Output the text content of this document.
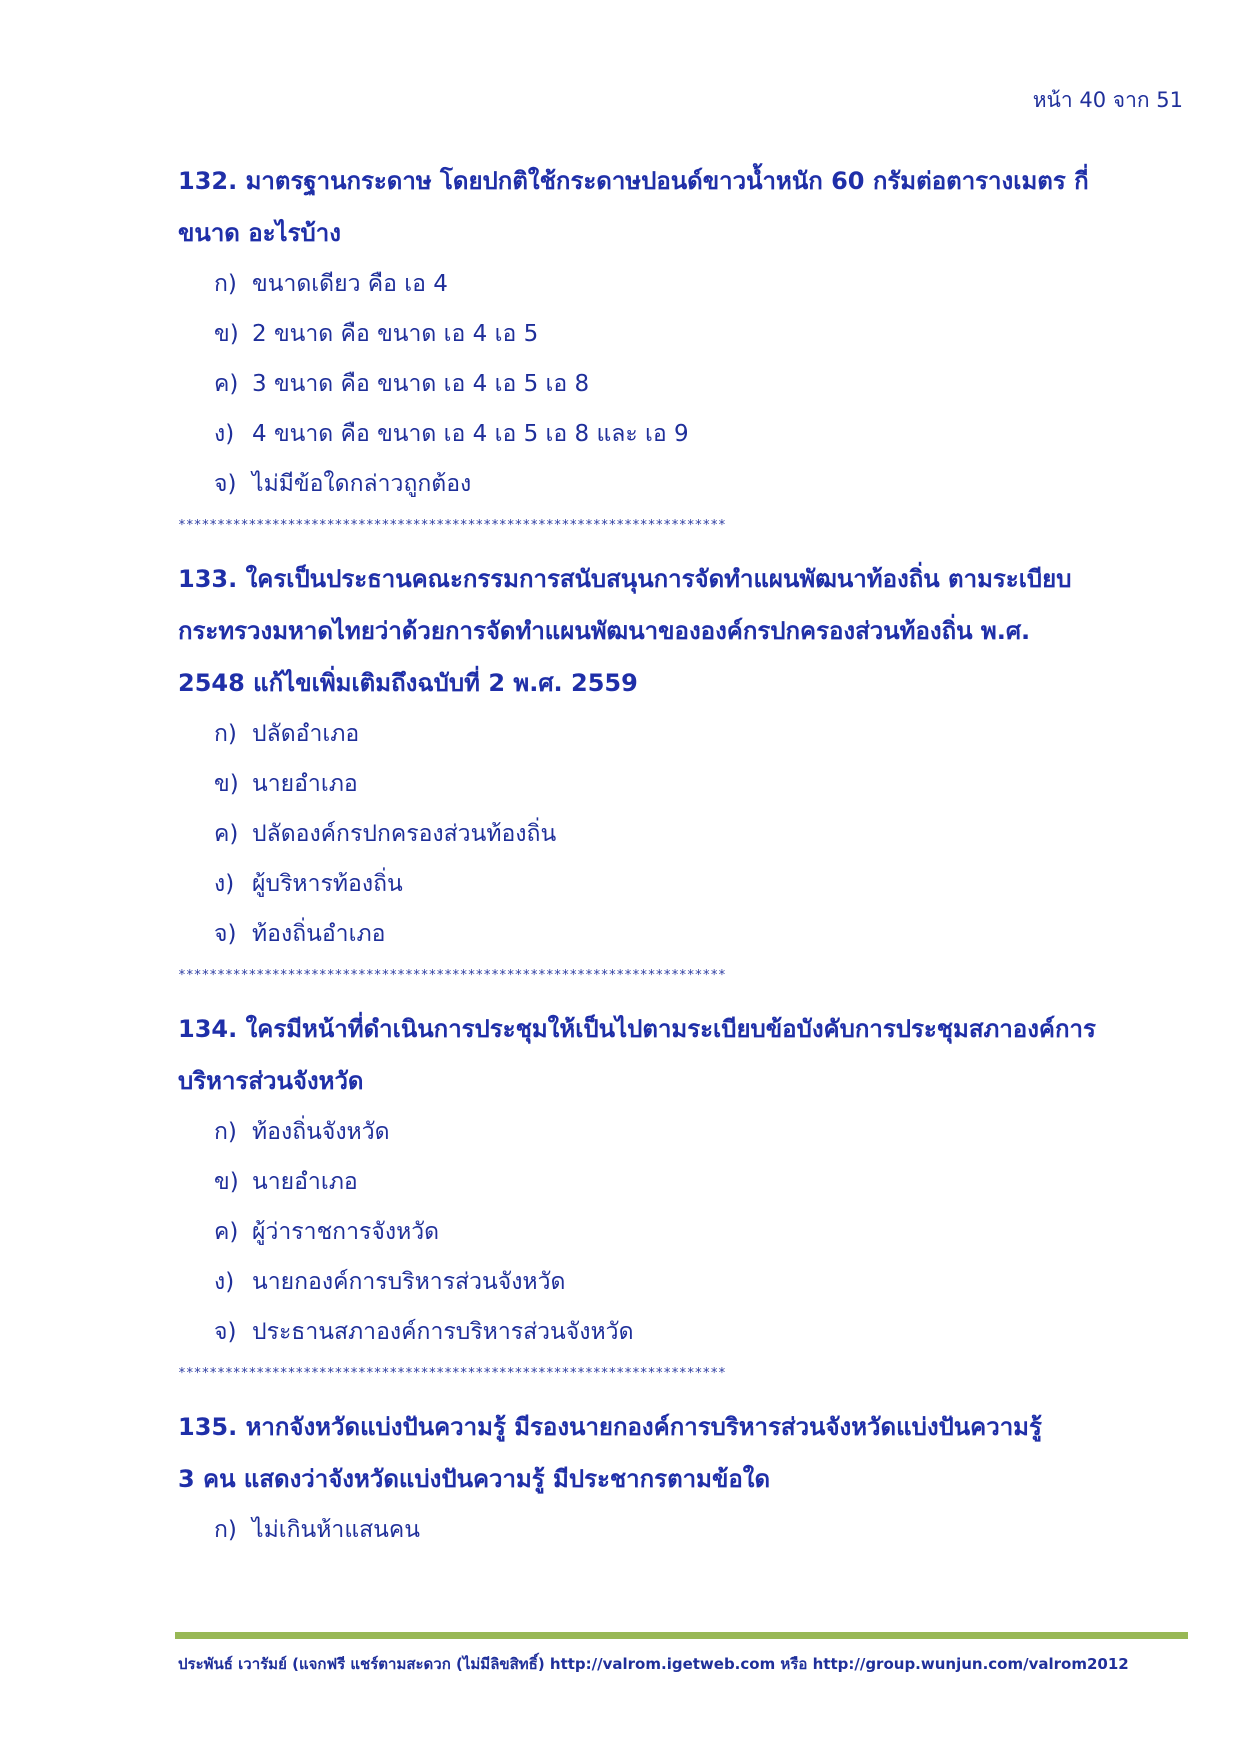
หน้า 40 จาก 51
132. มาตรฐานกระดาษ โดยปกติใช้กระดาษปอนด์ขาวน้ำหนัก 60 กรัมต่อตารางเมตร กี่
ขนาด อะไรบ้าง
ก) ขนาดเดียว คือ เอ 4
ข) 2 ขนาด คือ ขนาด เอ 4 เอ 5
ค) 3 ขนาด คือ ขนาด เอ 4 เอ 5 เอ 8
ง) 4 ขนาด คือ ขนาด เอ 4 เอ 5 เอ 8 และ เอ 9
จ) ไม่มีข้อใดกล่าวถูกต้อง
**********************************************************************
133. ใครเป็นประธานคณะกรรมการสนับสนุนการจัดทำแผนพัฒนาท้องถิ่น ตามระเบียบ
กระทรวงมหาดไทยว่าด้วยการจัดทำแผนพัฒนาขององค์กรปกครองส่วนท้องถิ่น พ.ศ.
2548 แก้ไขเพิ่มเติมถึงฉบับที่ 2 พ.ศ. 2559
ก) ปลัดอำเภอ
ข) นายอำเภอ
ค) ปลัดองค์กรปกครองส่วนท้องถิ่น
ง) ผู้บริหารท้องถิ่น
จ) ท้องถิ่นอำเภอ
**********************************************************************
134. ใครมีหน้าที่ดำเนินการประชุมให้เป็นไปตามระเบียบข้อบังคับการประชุมสภาองค์การ
บริหารส่วนจังหวัด
ก) ท้องถิ่นจังหวัด
ข) นายอำเภอ
ค) ผู้ว่าราชการจังหวัด
ง) นายกองค์การบริหารส่วนจังหวัด
จ) ประธานสภาองค์การบริหารส่วนจังหวัด
**********************************************************************
135. หากจังหวัดแบ่งปันความรู้ มีรองนายกองค์การบริหารส่วนจังหวัดแบ่งปันความรู้
3 คน แสดงว่าจังหวัดแบ่งปันความรู้ มีประชากรตามข้อใด
ก) ไม่เกินห้าแสนคน
ประพันธ์ เวารัมย์ (แจกฟรี แชร์ตามสะดวก (ไม่มีลิขสิทธิ์) http://valrom.igetweb.com หรือ http://group.wunjun.com/valrom2012
